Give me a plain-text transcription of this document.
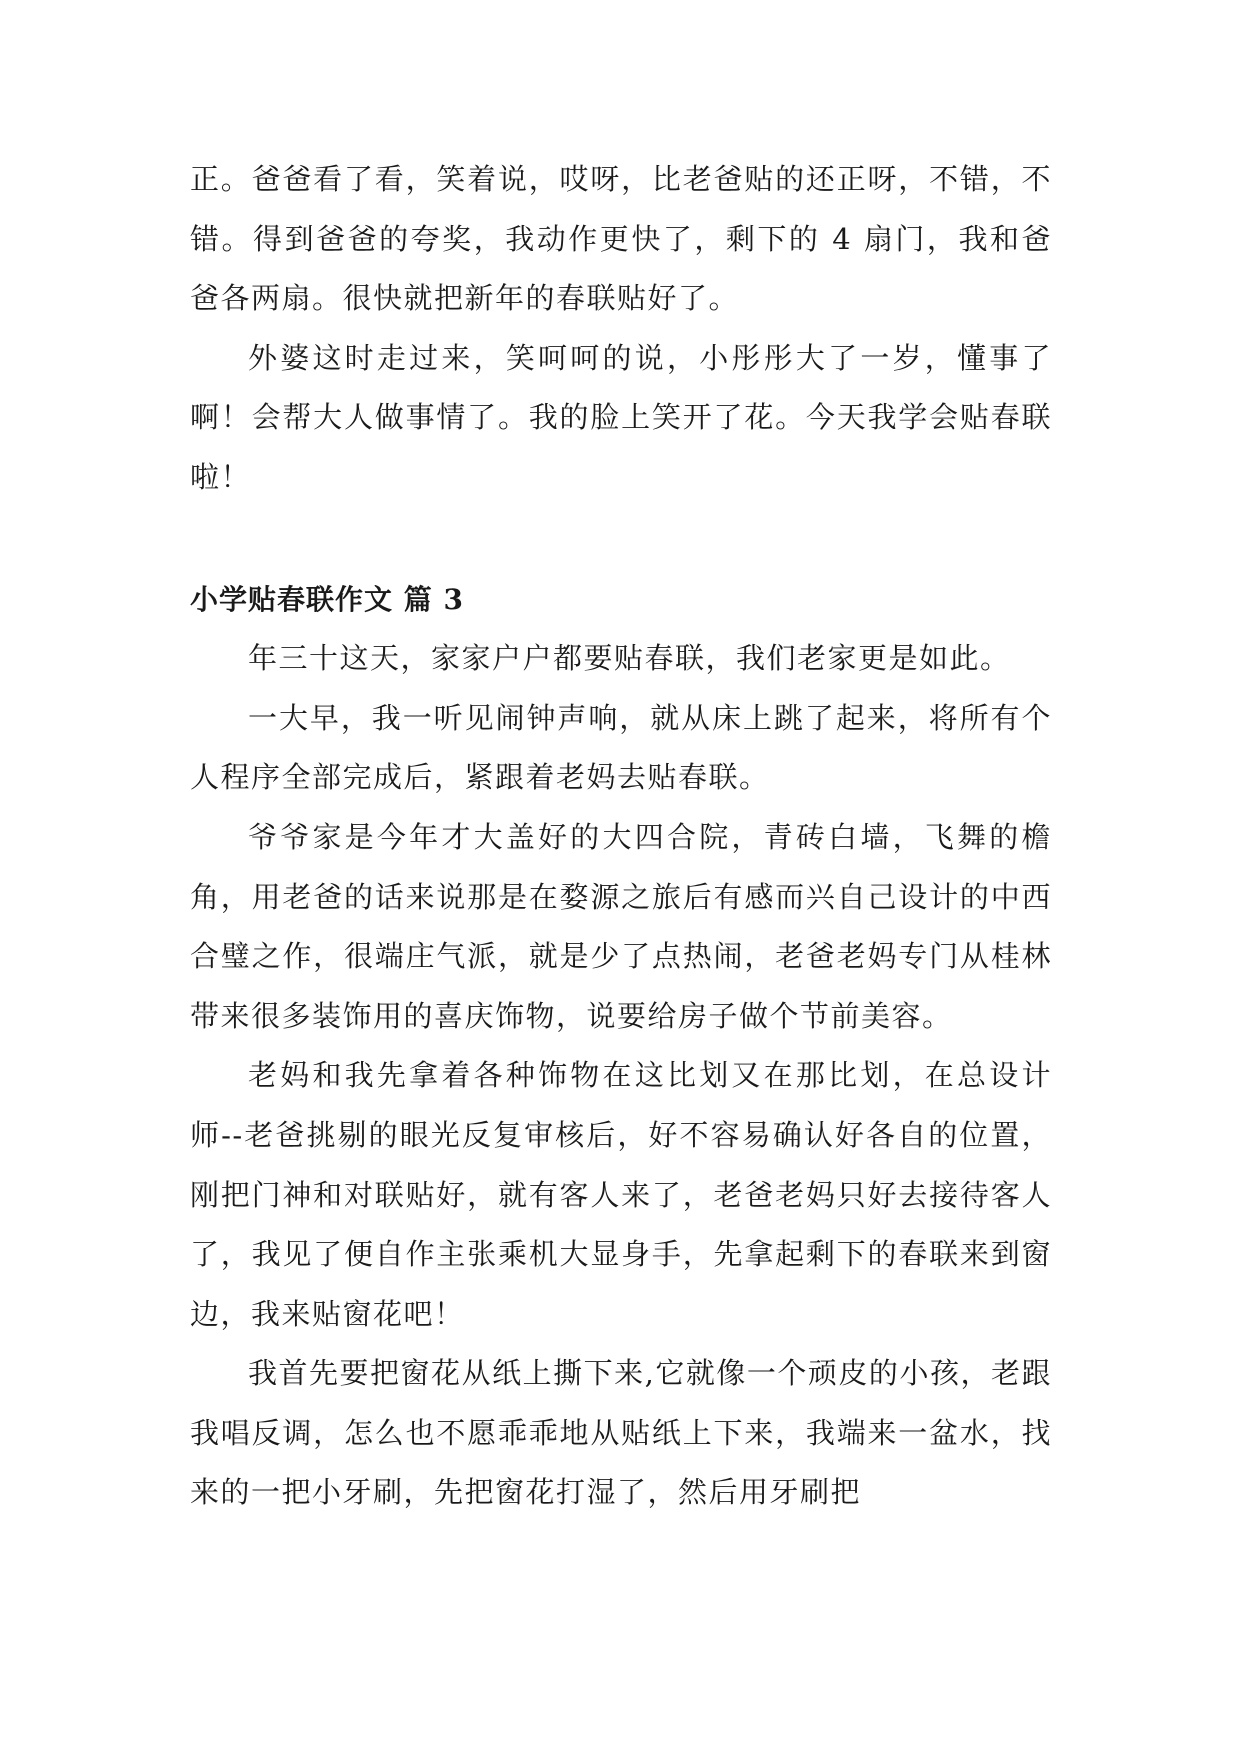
正。爸爸看了看，笑着说，哎呀，比老爸贴的还正呀，不错，不错。得到爸爸的夸奖，我动作更快了，剩下的 4 扇门，我和爸爸各两扇。很快就把新年的春联贴好了。

外婆这时走过来，笑呵呵的说，小彤彤大了一岁，懂事了啊！会帮大人做事情了。我的脸上笑开了花。今天我学会贴春联啦！

小学贴春联作文 篇 3

年三十这天，家家户户都要贴春联，我们老家更是如此。

一大早，我一听见闹钟声响，就从床上跳了起来，将所有个人程序全部完成后，紧跟着老妈去贴春联。

爷爷家是今年才大盖好的大四合院，青砖白墙，飞舞的檐角，用老爸的话来说那是在婺源之旅后有感而兴自己设计的中西合璧之作，很端庄气派，就是少了点热闹，老爸老妈专门从桂林带来很多装饰用的喜庆饰物，说要给房子做个节前美容。

老妈和我先拿着各种饰物在这比划又在那比划，在总设计师--老爸挑剔的眼光反复审核后，好不容易确认好各自的位置，刚把门神和对联贴好，就有客人来了，老爸老妈只好去接待客人了，我见了便自作主张乘机大显身手，先拿起剩下的春联来到窗边，我来贴窗花吧！

我首先要把窗花从纸上撕下来,它就像一个顽皮的小孩，老跟我唱反调，怎么也不愿乖乖地从贴纸上下来，我端来一盆水，找来的一把小牙刷，先把窗花打湿了，然后用牙刷把
